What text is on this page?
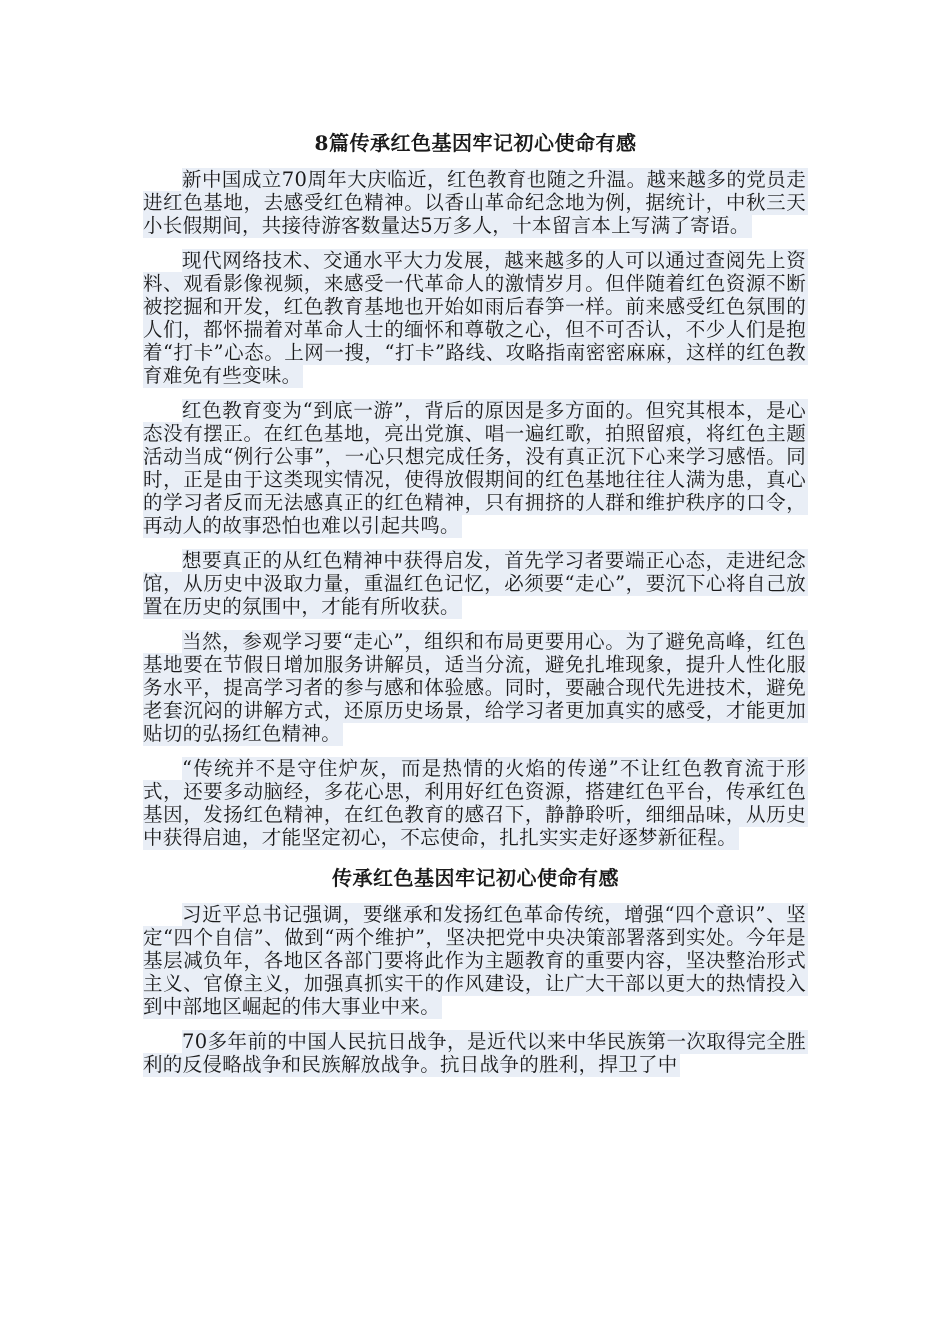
8篇传承红色基因牢记初心使命有感

新中国成立70周年大庆临近，红色教育也随之升温。越来越多的党员走进红色基地，去感受红色精神。以香山革命纪念地为例，据统计，中秋三天小长假期间，共接待游客数量达5万多人，十本留言本上写满了寄语。

现代网络技术、交通水平大力发展，越来越多的人可以通过查阅先上资料、观看影像视频，来感受一代革命人的激情岁月。但伴随着红色资源不断被挖掘和开发，红色教育基地也开始如雨后春笋一样。前来感受红色氛围的人们，都怀揣着对革命人士的缅怀和尊敬之心，但不可否认，不少人们是抱着“打卡”心态。上网一搜，“打卡”路线、攻略指南密密麻麻，这样的红色教育难免有些变味。

红色教育变为“到底一游”，背后的原因是多方面的。但究其根本，是心态没有摆正。在红色基地，亮出党旗、唱一遍红歌，拍照留痕，将红色主题活动当成“例行公事”，一心只想完成任务，没有真正沉下心来学习感悟。同时，正是由于这类现实情况，使得放假期间的红色基地往往人满为患，真心的学习者反而无法感真正的红色精神，只有拥挤的人群和维护秩序的口令，再动人的故事恐怕也难以引起共鸣。

想要真正的从红色精神中获得启发，首先学习者要端正心态，走进纪念馆，从历史中汲取力量，重温红色记忆，必须要“走心”，要沉下心将自己放置在历史的氛围中，才能有所收获。

当然，参观学习要“走心”，组织和布局更要用心。为了避免高峰，红色基地要在节假日增加服务讲解员，适当分流，避免扎堆现象，提升人性化服务水平，提高学习者的参与感和体验感。同时，要融合现代先进技术，避免老套沉闷的讲解方式，还原历史场景，给学习者更加真实的感受，才能更加贴切的弘扬红色精神。

“传统并不是守住炉灰，而是热情的火焰的传递”不让红色教育流于形式，还要多动脑经，多花心思，利用好红色资源，搭建红色平台，传承红色基因，发扬红色精神，在红色教育的感召下，静静聆听，细细品味，从历史中获得启迪，才能坚定初心，不忘使命，扎扎实实走好逐梦新征程。

传承红色基因牢记初心使命有感

习近平总书记强调，要继承和发扬红色革命传统，增强“四个意识”、坚定“四个自信”、做到“两个维护”，坚决把党中央决策部署落到实处。今年是基层减负年，各地区各部门要将此作为主题教育的重要内容，坚决整治形式主义、官僚主义，加强真抓实干的作风建设，让广大干部以更大的热情投入到中部地区崛起的伟大事业中来。

70多年前的中国人民抗日战争，是近代以来中华民族第一次取得完全胜利的反侵略战争和民族解放战争。抗日战争的胜利，捍卫了中
